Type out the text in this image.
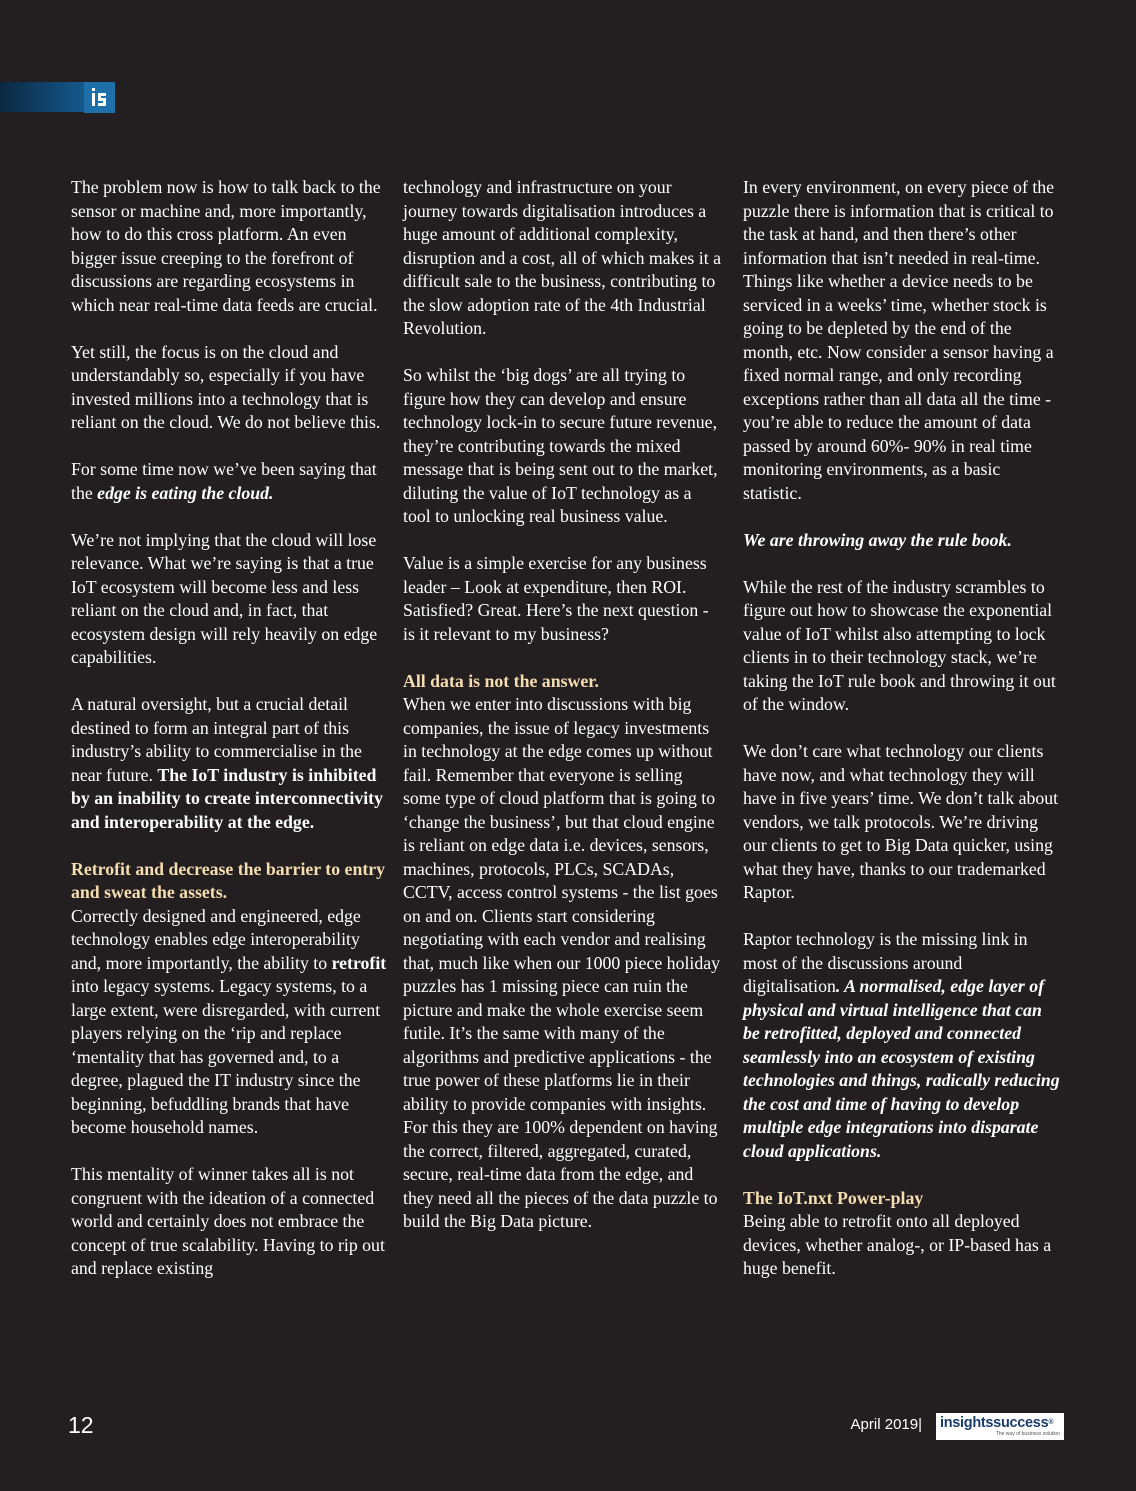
The problem now is how to talk back to the sensor or machine and, more importantly, how to do this cross platform. An even bigger issue creeping to the forefront of discussions are regarding ecosystems in which near real-time data feeds are crucial.

Yet still, the focus is on the cloud and understandably so, especially if you have invested millions into a technology that is reliant on the cloud. We do not believe this.

For some time now we’ve been saying that the edge is eating the cloud.

We’re not implying that the cloud will lose relevance. What we’re saying is that a true IoT ecosystem will become less and less reliant on the cloud and, in fact, that ecosystem design will rely heavily on edge capabilities.

A natural oversight, but a crucial detail destined to form an integral part of this industry’s ability to commercialise in the near future. The IoT industry is inhibited by an inability to create interconnectivity and interoperability at the edge.

Retrofit and decrease the barrier to entry and sweat the assets.

Correctly designed and engineered, edge technology enables edge interoperability and, more importantly, the ability to retrofit into legacy systems. Legacy systems, to a large extent, were disregarded, with current players relying on the ‘rip and replace ‘mentality that has governed and, to a degree, plagued the IT industry since the beginning, befuddling brands that have become household names.

This mentality of winner takes all is not congruent with the ideation of a connected world and certainly does not embrace the concept of true scalability. Having to rip out and replace existing

technology and infrastructure on your journey towards digitalisation introduces a huge amount of additional complexity, disruption and a cost, all of which makes it a difficult sale to the business, contributing to the slow adoption rate of the 4th Industrial Revolution.

So whilst the ‘big dogs’ are all trying to figure how they can develop and ensure technology lock-in to secure future revenue, they’re contributing towards the mixed message that is being sent out to the market, diluting the value of IoT technology as a tool to unlocking real business value.

Value is a simple exercise for any business leader – Look at expenditure, then ROI. Satisfied? Great. Here’s the next question - is it relevant to my business?

All data is not the answer.

When we enter into discussions with big companies, the issue of legacy investments in technology at the edge comes up without fail. Remember that everyone is selling some type of cloud platform that is going to ‘change the business’, but that cloud engine is reliant on edge data i.e. devices, sensors, machines, protocols, PLCs, SCADAs, CCTV, access control systems - the list goes on and on. Clients start considering negotiating with each vendor and realising that, much like when our 1000 piece holiday puzzles has 1 missing piece can ruin the picture and make the whole exercise seem futile. It’s the same with many of the algorithms and predictive applications - the true power of these platforms lie in their ability to provide companies with insights. For this they are 100% dependent on having the correct, filtered, aggregated, curated, secure, real-time data from the edge, and they need all the pieces of the data puzzle to build the Big Data picture.

In every environment, on every piece of the puzzle there is information that is critical to the task at hand, and then there’s other information that isn’t needed in real-time. Things like whether a device needs to be serviced in a weeks’ time, whether stock is going to be depleted by the end of the month, etc. Now consider a sensor having a fixed normal range, and only recording exceptions rather than all data all the time - you’re able to reduce the amount of data passed by around 60%- 90% in real time monitoring environments, as a basic statistic.

We are throwing away the rule book.

While the rest of the industry scrambles to figure out how to showcase the exponential value of IoT whilst also attempting to lock clients in to their technology stack, we’re taking the IoT rule book and throwing it out of the window.

We don’t care what technology our clients have now, and what technology they will have in five years’ time. We don’t talk about vendors, we talk protocols. We’re driving our clients to get to Big Data quicker, using what they have, thanks to our trademarked Raptor.

Raptor technology is the missing link in most of the discussions around digitalisation. A normalised, edge layer of physical and virtual intelligence that can be retrofitted, deployed and connected seamlessly into an ecosystem of existing technologies and things, radically reducing the cost and time of having to develop multiple edge integrations into disparate cloud applications.

The IoT.nxt Power-play

Being able to retrofit onto all deployed devices, whether analog-, or IP-based has a huge benefit.

12	April 2019| insightssuccess®
The way of business solution
